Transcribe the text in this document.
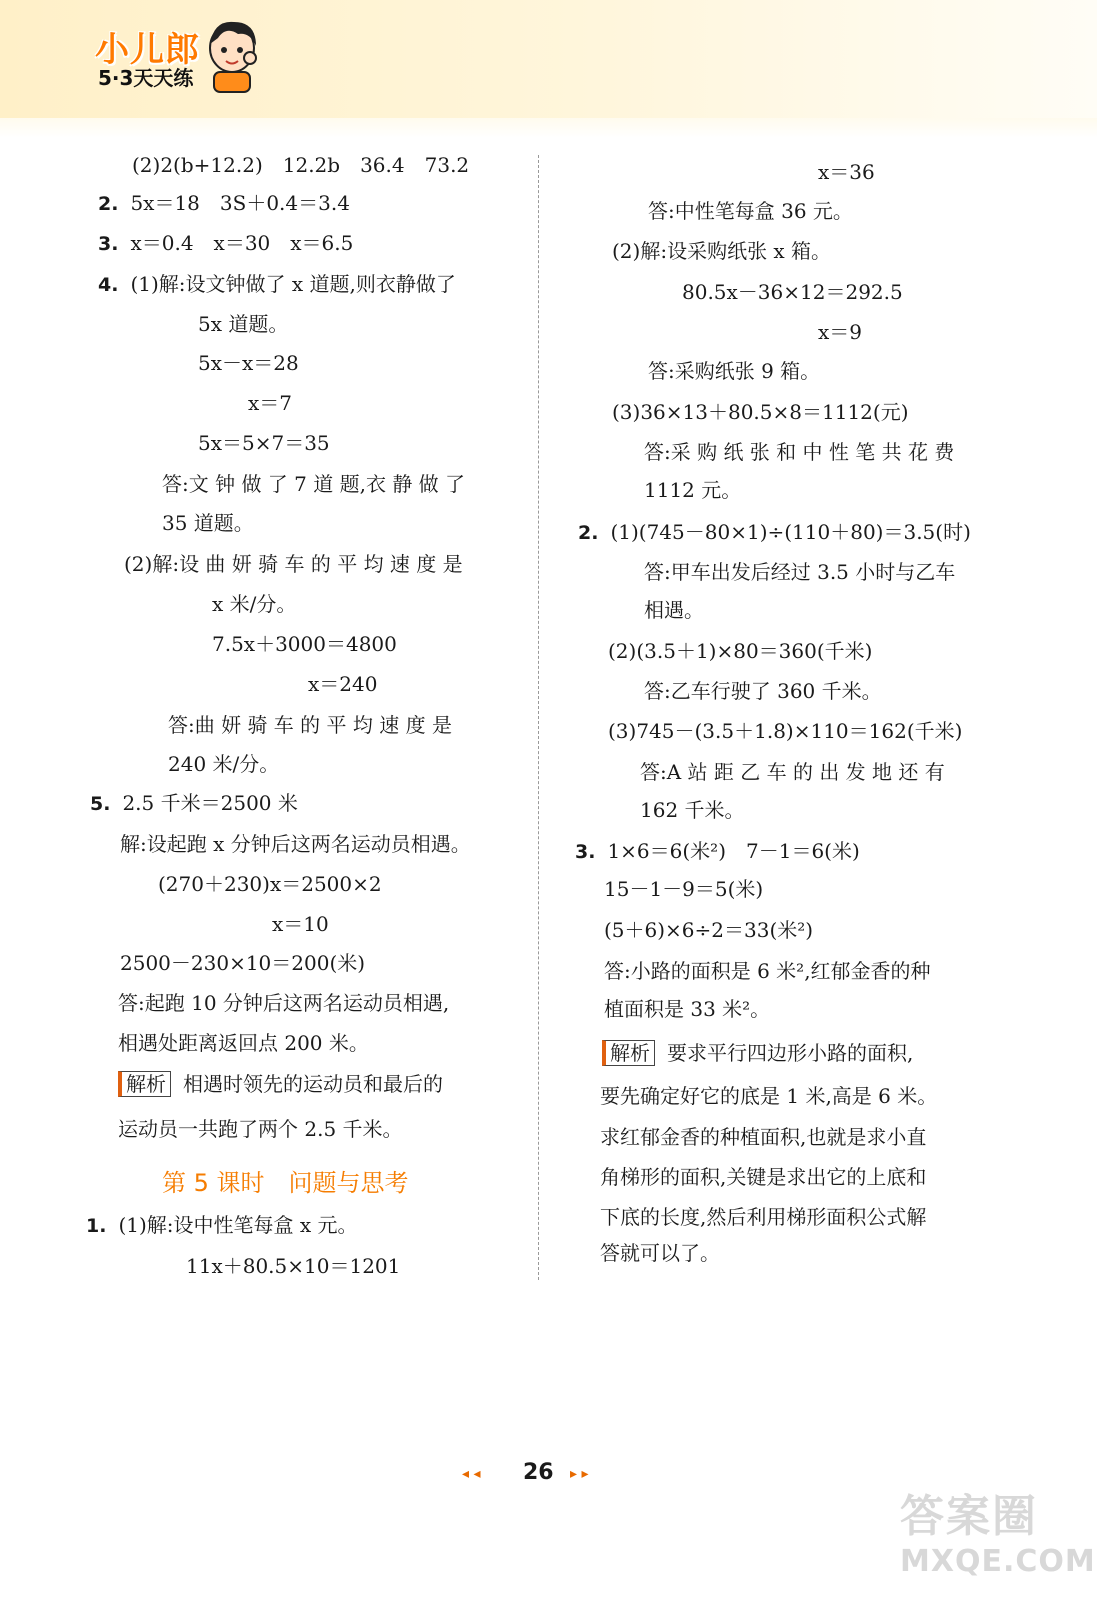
小儿郎
5·3天天练
◂ ◂ 26 ▸ ▸
答案圈
MXQE.COM
(2)2(b+12.2)　12.2b　36.4　73.2
2. 5x＝18　3S＋0.4＝3.4
3. x＝0.4　x＝30　x＝6.5
4. (1)解:设文钟做了 x 道题,则衣静做了
5x 道题。
5x－x＝28
x＝7
5x＝5×7＝35
答:文 钟 做 了 7 道 题,衣 静 做 了
35 道题。
(2)解:设 曲 妍 骑 车 的 平 均 速 度 是
x 米/分。
7.5x＋3000＝4800
x＝240
答:曲 妍 骑 车 的 平 均 速 度 是
240 米/分。
5. 2.5 千米＝2500 米
解:设起跑 x 分钟后这两名运动员相遇。
(270＋230)x＝2500×2
x＝10
2500－230×10＝200(米)
答:起跑 10 分钟后这两名运动员相遇,
相遇处距离返回点 200 米。
解析 相遇时领先的运动员和最后的
运动员一共跑了两个 2.5 千米。
第 5 课时　问题与思考
1. (1)解:设中性笔每盒 x 元。
11x＋80.5×10＝1201
x＝36
答:中性笔每盒 36 元。
(2)解:设采购纸张 x 箱。
80.5x－36×12＝292.5
x＝9
答:采购纸张 9 箱。
(3)36×13＋80.5×8＝1112(元)
答:采 购 纸 张 和 中 性 笔 共 花 费
1112 元。
2. (1)(745－80×1)÷(110＋80)＝3.5(时)
答:甲车出发后经过 3.5 小时与乙车
相遇。
(2)(3.5＋1)×80＝360(千米)
答:乙车行驶了 360 千米。
(3)745－(3.5＋1.8)×110＝162(千米)
答:A 站 距 乙 车 的 出 发 地 还 有
162 千米。
3. 1×6＝6(米²)　7－1＝6(米)
15－1－9＝5(米)
(5＋6)×6÷2＝33(米²)
答:小路的面积是 6 米²,红郁金香的种
植面积是 33 米²。
解析 要求平行四边形小路的面积,
要先确定好它的底是 1 米,高是 6 米。
求红郁金香的种植面积,也就是求小直
角梯形的面积,关键是求出它的上底和
下底的长度,然后利用梯形面积公式解
答就可以了。
